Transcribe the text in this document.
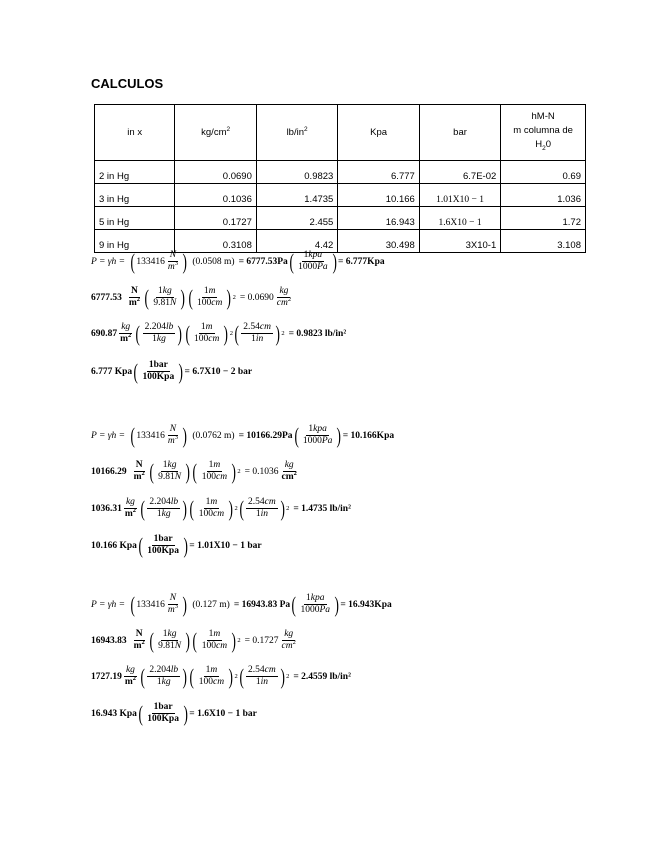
CALCULOS
in x	$kg/cm^2$	$lb/in^2$	Kpa	bar	hM-N
m columna de
$H_20$
2 in Hg	0.0690	0.9823	6.777	6.7E-02	0.69
3 in Hg	0.1036	1.4735	10.166	1.01X10 − 1	1.036
5 in Hg	0.1727	2.455	16.943	1.6X10 − 1	1.72
9 in Hg	0.3108	4.42	30.498	3X10-1	3.108
P = γh = ( $133416 \frac{N}{m^3}$ ) (0.0508 m) = 6777.53Pa ( $\frac{\text{1kpa}}{1000Pa}$ ) = 6.777Kpa
$6777.53 \frac{N}{m^2}$ ( $\frac{1kg}{9.81N}$ ) ( $\frac{1m}{100cm}$ ) $2 = 0.0690 \frac{kg}{cm^2}$
$690.87 \frac{kg}{m^2}$ ( $\frac{2.204lb}{1kg}$ ) ( $\frac{1m}{100cm}$ ) 2 ( $\frac{2.54cm}{1in}$ ) 2 = 0.9823 lb/in²
6.777 Kpa ( $\frac{\text{1bar}}{\text{100Kpa}}$ ) = 6.7X10 − 2 bar
P = γh = ( $133416 \frac{N}{m^3}$ ) (0.0762 m) = 10166.29Pa ( $\frac{\text{1kpa}}{1000Pa}$ ) = 10.166Kpa
$10166.29 \frac{N}{m^2}$ ( $\frac{1kg}{9.81N}$ ) ( $\frac{1m}{100cm}$ ) $2 = 0.1036 \frac{kg}{cm^2}$
$1036.31 \frac{kg}{m^2}$ ( $\frac{2.204lb}{1kg}$ ) ( $\frac{1m}{100cm}$ ) 2 ( $\frac{2.54cm}{1in}$ ) 2 = 1.4735 lb/in²
10.166 Kpa ( $\frac{\text{1bar}}{\text{100Kpa}}$ ) = 1.01X10 − 1 bar
P = γh = ( $133416 \frac{N}{m^3}$ ) (0.127 m) = 16943.83 Pa ( $\frac{\text{1kpa}}{1000Pa}$ ) = 16.943Kpa
$16943.83 \frac{N}{m^2}$ ( $\frac{1kg}{9.81N}$ ) ( $\frac{1m}{100cm}$ ) $2 = 0.1727 \frac{kg}{cm^2}$
$1727.19 \frac{kg}{m^2}$ ( $\frac{2.204lb}{1kg}$ ) ( $\frac{1m}{100cm}$ ) 2 ( $\frac{2.54cm}{1in}$ ) 2 = 2.4559 lb/in²
16.943 Kpa ( $\frac{\text{1bar}}{\text{100Kpa}}$ ) = 1.6X10 − 1 bar
